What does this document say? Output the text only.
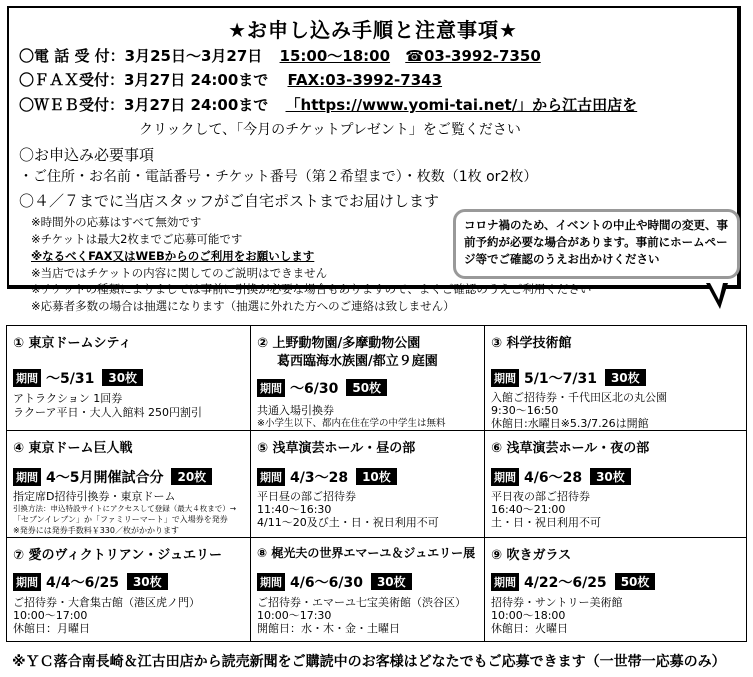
★お申し込み手順と注意事項★
〇電 話 受 付：3月25日～3月27日 15:00～18:00 ☎03-3992-7350
〇ＦＡＸ受付：3月27日 24:00まで FAX:03-3992-7343
〇ＷＥＢ受付：3月27日 24:00まで 「https://www.yomi-tai.net/」から江古田店を
クリックして、「今月のチケットプレゼント」をご覧ください
〇お申込み必要事項
・ご住所・お名前・電話番号・チケット番号（第２希望まで）・枚数（1枚 or2枚）
〇４／７までに当店スタッフがご自宅ポストまでお届けします
※時間外の応募はすべて無効です
※チケットは最大2枚までご応募可能です
※なるべくFAX又はWEBからのご利用をお願いします
※当店ではチケットの内容に関してのご説明はできません
※チケットの種類によりましては事前に引換が必要な場合もありますので、よくご確認のうえご利用ください
※応募者多数の場合は抽選になります（抽選に外れた方へのご連絡は致しません）
コロナ禍のため、イベントの中止や時間の変更、事前予約が必要な場合があります。事前にホームページ等でご確認のうえお出かけください
① 東京ドームシティ
期間 ～5/31 30枚
アトラクション 1回券
ラクーア平日・大人入館料 250円割引
② 上野動物園/多摩動物公園
葛西臨海水族園/都立９庭園
期間 ～6/30 50枚
共通入場引換券
※小学生以下、都内在住在学の中学生は無料
③ 科学技術館
期間 5/1～7/31 30枚
入館ご招待券・千代田区北の丸公園
9:30～16:50
休館日:水曜日※5.3/7.26は開館
④ 東京ドーム巨人戦
期間 4～5月開催試合分 20枚
指定席D招待引換券・東京ドーム
引換方法：申込特設サイトにアクセスして登録（最大４枚まで）→
「セブンイレブン」か「ファミリーマート」で入場券を発券
※発券には発券手数料￥330／枚がかかります
⑤ 浅草演芸ホール・昼の部
期間 4/3～28 10枚
平日昼の部ご招待券
11:40～16:30
4/11～20及び土・日・祝日利用不可
⑥ 浅草演芸ホール・夜の部
期間 4/6～28 30枚
平日夜の部ご招待券
16:40～21:00
土・日・祝日利用不可
⑦ 愛のヴィクトリアン・ジュエリー
期間 4/4～6/25 30枚
ご招待券・大倉集古館（港区虎ノ門）
10:00～17:00
休館日：月曜日
⑧ 梶光夫の世界エマーユ＆ジュエリー展
期間 4/6～6/30 30枚
ご招待券・エマーユ七宝美術館（渋谷区）
10:00～17:30
開館日：水・木・金・土曜日
⑨ 吹きガラス
期間 4/22～6/25 50枚
招待券・サントリー美術館
10:00～18:00
休館日：火曜日
※ＹＣ落合南長崎＆江古田店から読売新聞をご購読中のお客様はどなたでもご応募できます（一世帯一応募のみ）
